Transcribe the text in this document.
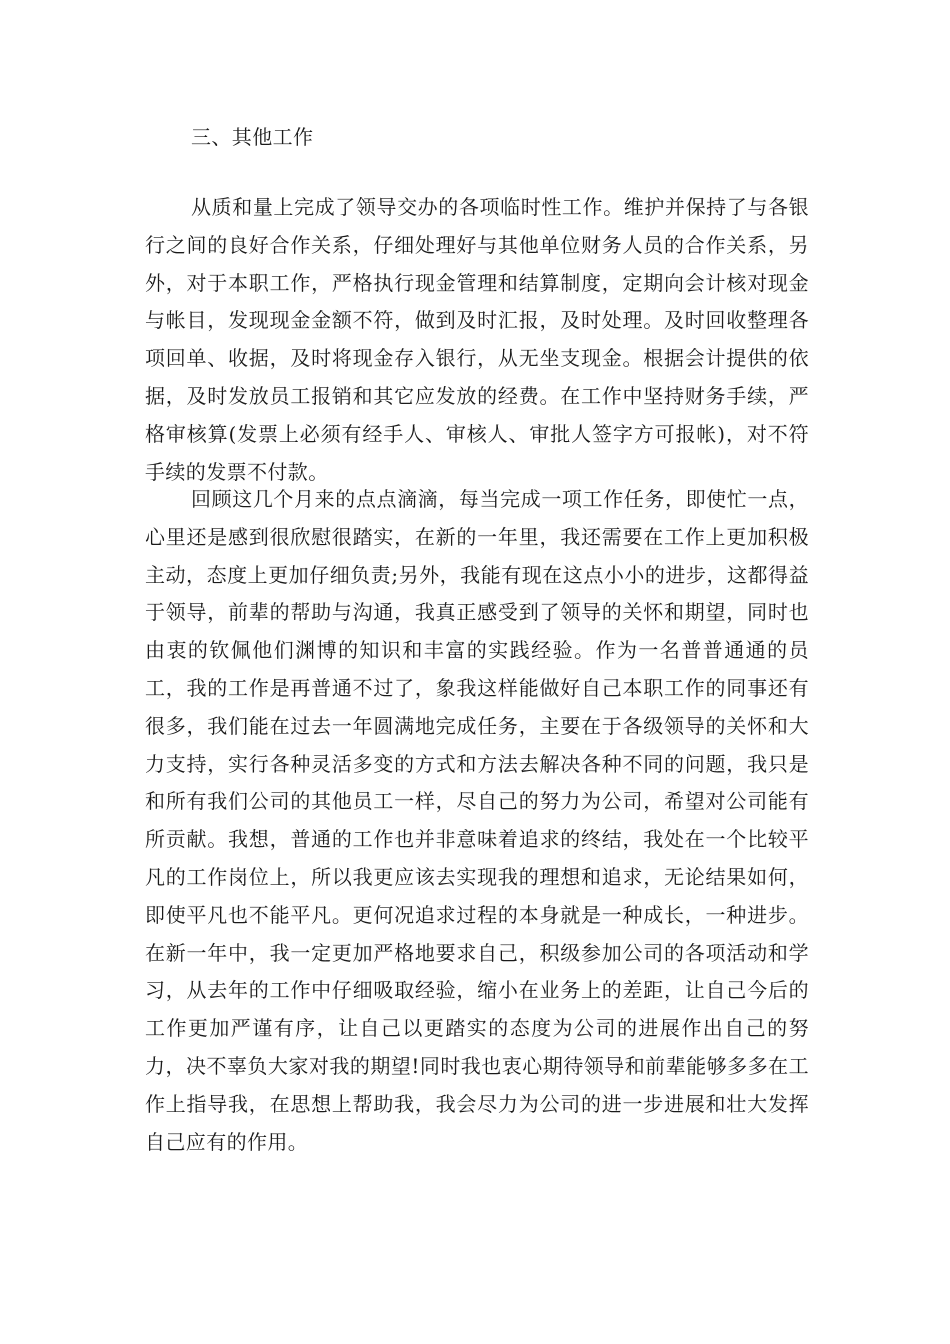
三、其他工作

从质和量上完成了领导交办的各项临时性工作。维护并保持了与各银行之间的良好合作关系，仔细处理好与其他单位财务人员的合作关系，另外，对于本职工作，严格执行现金管理和结算制度，定期向会计核对现金与帐目，发现现金金额不符，做到及时汇报，及时处理。及时回收整理各项回单、收据，及时将现金存入银行，从无坐支现金。根据会计提供的依据，及时发放员工报销和其它应发放的经费。在工作中坚持财务手续，严格审核算(发票上必须有经手人、审核人、审批人签字方可报帐)，对不符手续的发票不付款。

回顾这几个月来的点点滴滴，每当完成一项工作任务，即使忙一点，心里还是感到很欣慰很踏实，在新的一年里，我还需要在工作上更加积极主动，态度上更加仔细负责;另外，我能有现在这点小小的进步，这都得益于领导，前辈的帮助与沟通，我真正感受到了领导的关怀和期望，同时也由衷的钦佩他们渊博的知识和丰富的实践经验。作为一名普普通通的员工，我的工作是再普通不过了，象我这样能做好自己本职工作的同事还有很多，我们能在过去一年圆满地完成任务，主要在于各级领导的关怀和大力支持，实行各种灵活多变的方式和方法去解决各种不同的问题，我只是和所有我们公司的其他员工一样，尽自己的努力为公司，希望对公司能有所贡献。我想，普通的工作也并非意味着追求的终结，我处在一个比较平凡的工作岗位上，所以我更应该去实现我的理想和追求，无论结果如何，即使平凡也不能平凡。更何况追求过程的本身就是一种成长，一种进步。在新一年中，我一定更加严格地要求自己，积级参加公司的各项活动和学习，从去年的工作中仔细吸取经验，缩小在业务上的差距，让自己今后的工作更加严谨有序，让自己以更踏实的态度为公司的进展作出自己的努力，决不辜负大家对我的期望!同时我也衷心期待领导和前辈能够多多在工作上指导我，在思想上帮助我，我会尽力为公司的进一步进展和壮大发挥自己应有的作用。
